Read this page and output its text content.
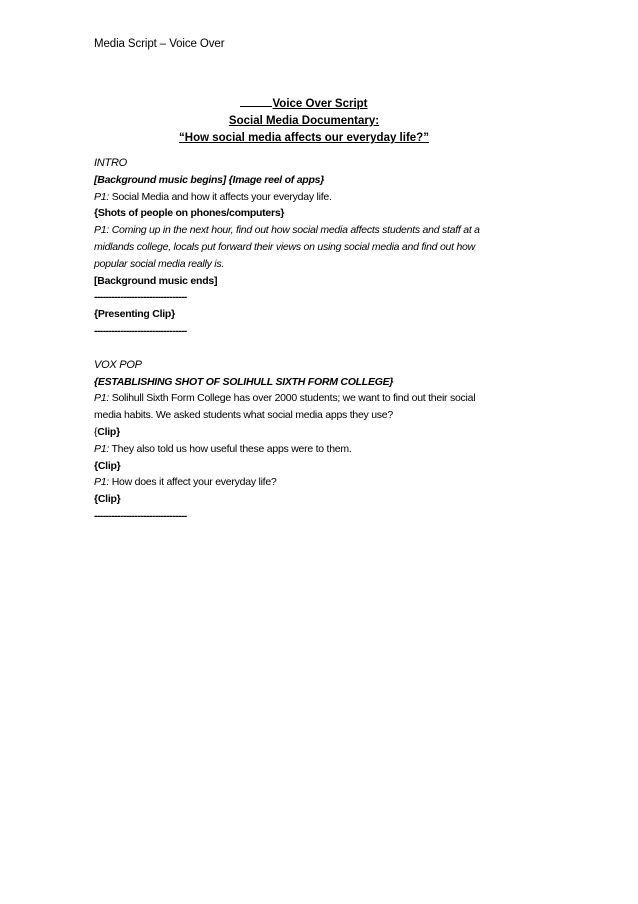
Media Script – Voice Over
Voice Over Script
Social Media Documentary:
“How social media affects our everyday life?”
INTRO
[Background music begins] {Image reel of apps}
P1: Social Media and how it affects your everyday life.
{Shots of people on phones/computers}
P1: Coming up in the next hour, find out how social media affects students and staff at a
midlands college, locals put forward their views on using social media and find out how
popular social media really is.
[Background music ends]
--------------------------------
{Presenting Clip}
--------------------------------
VOX POP
{ESTABLISHING SHOT OF SOLIHULL SIXTH FORM COLLEGE}
P1: Solihull Sixth Form College has over 2000 students; we want to find out their social
media habits. We asked students what social media apps they use?
{Clip}
P1: They also told us how useful these apps were to them.
{Clip}
P1: How does it affect your everyday life?
{Clip}
--------------------------------
